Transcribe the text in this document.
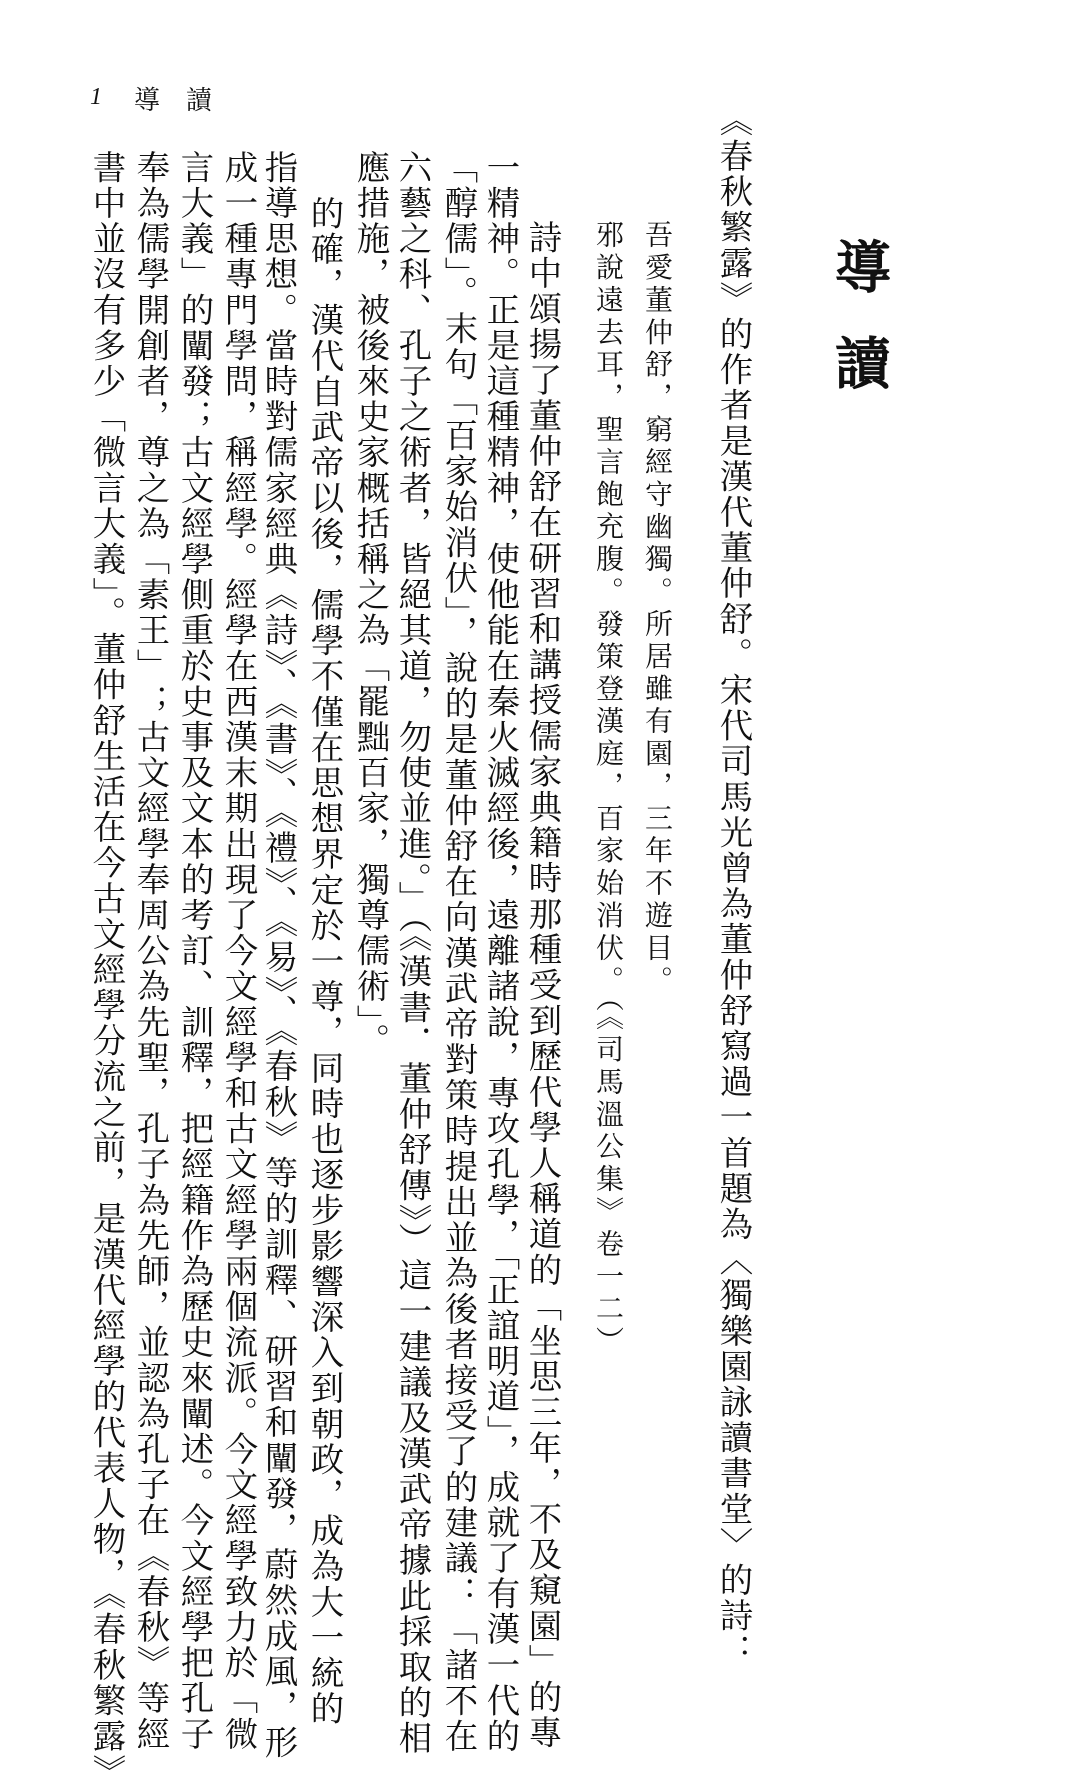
導讀
《春秋繁露》的作者是漢代董仲舒。宋代司馬光曾為董仲舒寫過一首題為〈獨樂園詠讀書堂〉的詩：
吾愛董仲舒，窮經守幽獨。所居雖有園，三年不遊目。
邪說遠去耳，聖言飽充腹。發策登漢庭，百家始消伏。（《司馬溫公集》卷一二）
詩中頌揚了董仲舒在研習和講授儒家典籍時那種受到歷代學人稱道的「坐思三年，不及窺園」的專
一精神。正是這種精神，使他能在秦火滅經後，遠離諸說，專攻孔學，「正誼明道」，成就了有漢一代的
「醇儒」。末句「百家始消伏」，說的是董仲舒在向漢武帝對策時提出並為後者接受了的建議：「諸不在
六藝之科、孔子之術者，皆絕其道，勿使並進。」（《漢書．董仲舒傳》）這一建議及漢武帝據此採取的相
應措施，被後來史家概括稱之為「罷黜百家，獨尊儒術」。
的確，漢代自武帝以後，儒學不僅在思想界定於一尊，同時也逐步影響深入到朝政，成為大一統的
指導思想。當時對儒家經典《詩》、《書》、《禮》、《易》、《春秋》等的訓釋、研習和闡發，蔚然成風，形
成一種專門學問，稱經學。經學在西漢末期出現了今文經學和古文經學兩個流派。今文經學致力於「微
言大義」的闡發；古文經學側重於史事及文本的考訂、訓釋，把經籍作為歷史來闡述。今文經學把孔子
奉為儒學開創者，尊之為「素王」；古文經學奉周公為先聖，孔子為先師，並認為孔子在《春秋》等經
書中並沒有多少「微言大義」。董仲舒生活在今古文經學分流之前，是漢代經學的代表人物，《春秋繁露》
1 導讀
